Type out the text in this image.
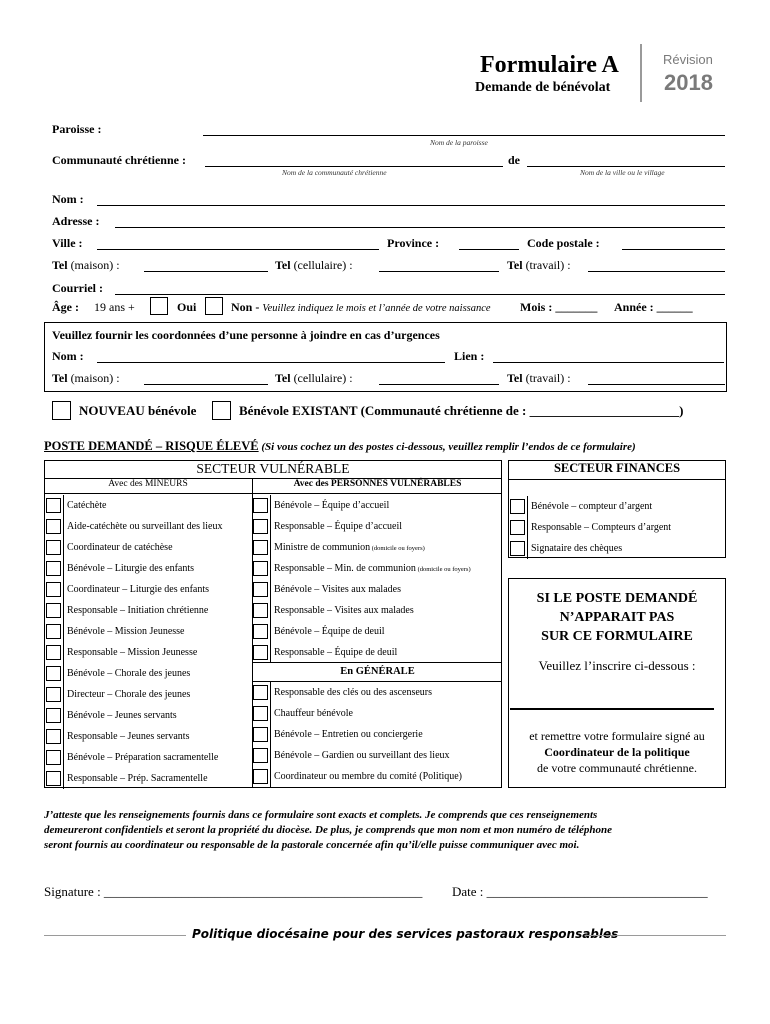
Formulaire A
Demande de bénévolat
Révision
2018
Paroisse :
Nom de la paroisse
Communauté chrétienne :
Nom de la communauté chrétienne
de
Nom de la ville ou le village
Nom :
Adresse :
Ville :	Province :	Code postale :
Tel (maison) :	Tel (cellulaire) :	Tel (travail) :
Courriel :
Âge : 19 ans +	Oui	Non - Veuillez indiquez le mois et l’année de votre naissance Mois : _______ Année : ______
Veuillez fournir les coordonnées d’une personne à joindre en cas d’urgences
Nom :	Lien :
Tel (maison) :	Tel (cellulaire) :	Tel (travail) :
NOUVEAU bénévole	Bénévole EXISTANT (Communauté chrétienne de : _______________________)
POSTE DEMANDÉ – RISQUE ÉLEVÉ (Si vous cochez un des postes ci-dessous, veuillez remplir l’endos de ce formulaire)
SECTEUR VULNÉRABLE
Avec des MINEURS	Avec des PERSONNES VULNÉRABLES
Catéchète
Aide-catéchète ou surveillant des lieux
Coordinateur de catéchèse
Bénévole – Liturgie des enfants
Coordinateur – Liturgie des enfants
Responsable – Initiation chrétienne
Bénévole – Mission Jeunesse
Responsable – Mission Jeunesse
Bénévole – Chorale des jeunes
Directeur – Chorale des jeunes
Bénévole – Jeunes servants
Responsable – Jeunes servants
Bénévole – Préparation sacramentelle
Responsable – Prép. Sacramentelle
Bénévole – Équipe d’accueil
Responsable – Équipe d’accueil
Ministre de communion (domicile ou foyers)
Responsable – Min. de communion (domicile ou foyers)
Bénévole – Visites aux malades
Responsable – Visites aux malades
Bénévole – Équipe de deuil
Responsable – Équipe de deuil
En GÉNÉRALE
Responsable des clés ou des ascenseurs
Chauffeur bénévole
Bénévole – Entretien ou conciergerie
Bénévole – Gardien ou surveillant des lieux
Coordinateur ou membre du comité (Politique)
SECTEUR FINANCES
Bénévole – compteur d’argent
Responsable – Compteurs d’argent
Signataire des chèques
SI LE POSTE DEMANDÉ
N’APPARAIT PAS
SUR CE FORMULAIRE
Veuillez l’inscrire ci-dessous :
et remettre votre formulaire signé au
Coordinateur de la politique
de votre communauté chrétienne.
J’atteste que les renseignements fournis dans ce formulaire sont exacts et complets. Je comprends que ces renseignements
demeureront confidentiels et seront la propriété du diocèse. De plus, je comprends que mon nom et mon numéro de téléphone
seront fournis au coordinateur ou responsable de la pastorale concernée afin qu’il/elle puisse communiquer avec moi.
Signature : _________________________________________________ Date : __________________________________
Politique diocésaine pour des services pastoraux responsables
